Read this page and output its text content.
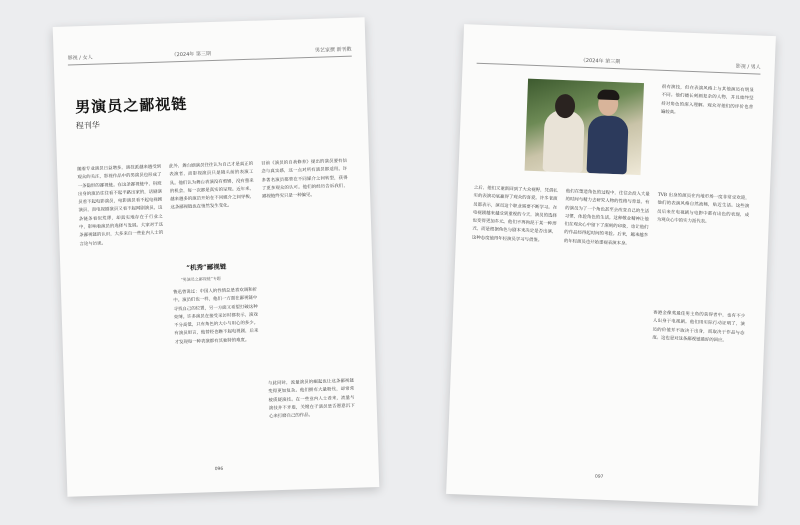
影视 / 女人	《2024年 第三期
男艺家撰 新刊散
男演员之鄙视链
程刊华
随着专业演员日益增多，演技派越来越受到观众的关注，影视作品中的男演员也形成了一条隐形的鄙视链。在这条鄙视链中，科班出身的演员往往看不起半路出家的，话剧演员看不起电影演员，电影演员看不起电视剧演员，而电视剧演员又看不起网剧演员。这条链条看似荒谬，却真实地存在于行业之中，影响着演员的选择与发展。大家对于这条鄙视链的认识，大多来自一些业内人士的言论与访谈。
此外，舞台剧演员往往认为自己才是真正的表演者，而影视演员只是镜头前的表演工具。他们认为舞台表演没有剪辑，没有重来的机会，每一次都是真实的呈现。近年来，越来越多的演员开始在不同媒介之间穿梭，这条鄙视链也在悄然发生变化。
“机秀”鄙视链
“男演员之鄙视链”专题
鲁迅曾说过：中国人的性情总是喜欢调和折中。演员们也一样，他们一方面在鄙视链中寻找自己的位置，另一方面又希望打破这种束缚。许多演员在接受采访时都表示，演戏不分高低，只有角色的大小与用心的多少。有演员坦言，他曾经也瞧不起电视剧，后来才发现每一种表演都有其独特的难度。
目前《演员的自我修养》提出的演员要有信念与真实感，这一点对所有演员都适用。许多著名演员都曾在不同媒介之间转型，获得了更多观众的认可。他们的经历告诉我们，鄙视链终究只是一种偏见。
与此同时，流量演员的崛起也让这条鄙视链变得更加复杂。他们拥有大量粉丝，却常常被质疑演技。在一些业内人士看来，流量与演技并不矛盾，关键在于演员是否愿意沉下心来打磨自己的作品。
096
《2024年 第三期
影视 / 男人
之后，他们又重新回到了大众视野，凭借扎实的表演功底赢得了观众的喜爱。许多老演员都表示，演员这个职业需要不断学习。在电视剧越来越受到重视的今天，演员的选择也变得更加多元。他们不再拘泥于某一种形式，而是根据角色与剧本来决定是否出演，这种态度值得年轻演员学习与借鉴。
他们在塑造角色的过程中，往往会投入大量的时间与精力去研究人物的性格与背景。有的演员为了一个角色甚至会改变自己的生活习惯，体验角色的生活。这种敬业精神让他们在观众心中留下了深刻的印象，也让他们的作品经得起时间的考验。后来，越来越多的年轻演员也开始重视表演本身。
很有演技，但在表演风格上与其他演员有明显不同。他们擅长刻画复杂的人物，并且始终坚持对角色的深入理解。观众对他们的评价也普遍较高。
TVB 出身的演员在内地市场一度非常受欢迎，他们的表演风格自然流畅，贴近生活。这些演员后来在电视剧与电影中都有出色的表现，成为观众心中的实力派代表。
香港金像奖最佳男主角的获得者中，也有不少人出身于电视剧。他们用实际行动证明了，演员的价值并不取决于出身，而取决于作品与态度。这也是对这条鄙视链最好的回应。
097
